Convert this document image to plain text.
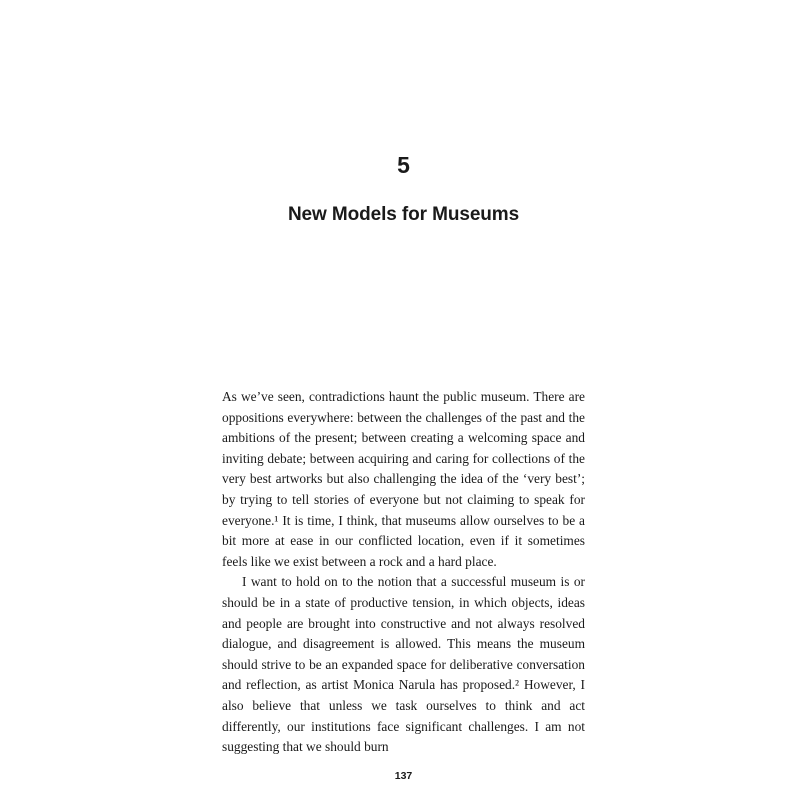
5
New Models for Museums

As we’ve seen, contradictions haunt the public museum. There are oppositions everywhere: between the challenges of the past and the ambitions of the present; between creating a welcoming space and inviting debate; between acquiring and caring for collections of the very best artworks but also challenging the idea of the ‘very best’; by trying to tell stories of everyone but not claiming to speak for everyone.¹ It is time, I think, that museums allow ourselves to be a bit more at ease in our conflicted location, even if it sometimes feels like we exist between a rock and a hard place.

I want to hold on to the notion that a successful museum is or should be in a state of productive tension, in which objects, ideas and people are brought into constructive and not always resolved dialogue, and disagreement is allowed. This means the museum should strive to be an expanded space for deliberative conversation and reflection, as artist Monica Narula has proposed.² However, I also believe that unless we task ourselves to think and act differently, our institutions face significant challenges. I am not suggesting that we should burn

137
